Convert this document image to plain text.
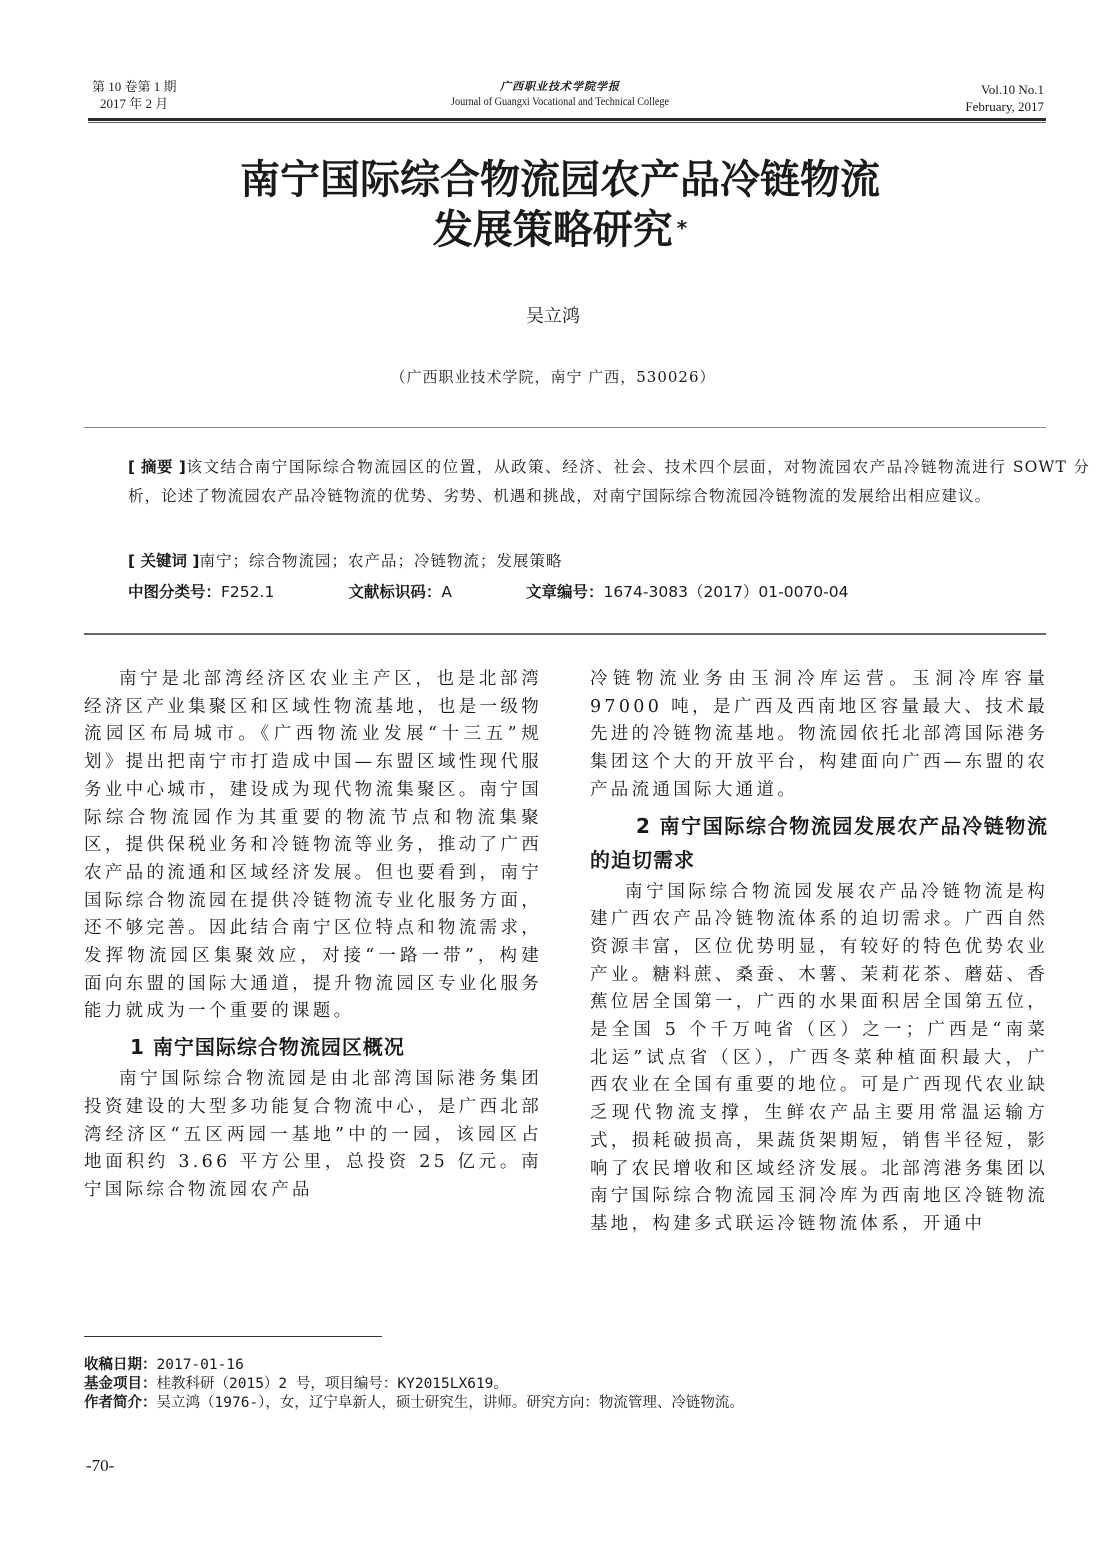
第 10 卷第 1 期
2017 年 2 月
广西职业技术学院学报
Journal of Guangxi Vocational and Technical College
Vol.10 No.1
February, 2017
南宁国际综合物流园农产品冷链物流
发展策略研究 *
吴立鸿
（广西职业技术学院，南宁 广西，530026）
[ 摘要 ]该文结合南宁国际综合物流园区的位置，从政策、经济、社会、技术四个层面，对物流园农产品冷链物流进行 SOWT 分析，论述了物流园农产品冷链物流的优势、劣势、机遇和挑战，对南宁国际综合物流园冷链物流的发展给出相应建议。
[ 关键词 ]南宁；综合物流园；农产品；冷链物流；发展策略
中图分类号：F252.1	文献标识码：A	文章编号：1674-3083（2017）01-0070-04

南宁是北部湾经济区农业主产区，也是北部湾经济区产业集聚区和区域性物流基地，也是一级物流园区布局城市。《广西物流业发展“十三五”规划》提出把南宁市打造成中国—东盟区域性现代服务业中心城市，建设成为现代物流集聚区。南宁国际综合物流园作为其重要的物流节点和物流集聚区，提供保税业务和冷链物流等业务，推动了广西农产品的流通和区域经济发展。但也要看到，南宁国际综合物流园在提供冷链物流专业化服务方面，还不够完善。因此结合南宁区位特点和物流需求，发挥物流园区集聚效应，对接“一路一带”，构建面向东盟的国际大通道，提升物流园区专业化服务能力就成为一个重要的课题。

1 南宁国际综合物流园区概况

南宁国际综合物流园是由北部湾国际港务集团投资建设的大型多功能复合物流中心，是广西北部湾经济区“五区两园一基地”中的一园，该园区占地面积约 3.66 平方公里，总投资 25 亿元。南宁国际综合物流园农产品

冷链物流业务由玉洞冷库运营。玉洞冷库容量 97000 吨，是广西及西南地区容量最大、技术最先进的冷链物流基地。物流园依托北部湾国际港务集团这个大的开放平台，构建面向广西—东盟的农产品流通国际大通道。

2 南宁国际综合物流园发展农产品冷链物流的迫切需求

南宁国际综合物流园发展农产品冷链物流是构建广西农产品冷链物流体系的迫切需求。广西自然资源丰富，区位优势明显，有较好的特色优势农业产业。糖料蔗、桑蚕、木薯、茉莉花茶、蘑菇、香蕉位居全国第一，广西的水果面积居全国第五位，是全国 5 个千万吨省（区）之一；广西是“南菜北运”试点省（区），广西冬菜种植面积最大，广西农业在全国有重要的地位。可是广西现代农业缺乏现代物流支撑，生鲜农产品主要用常温运输方式，损耗破损高，果蔬货架期短，销售半径短，影响了农民增收和区域经济发展。北部湾港务集团以南宁国际综合物流园玉洞冷库为西南地区冷链物流基地，构建多式联运冷链物流体系，开通中

收稿日期：2017-01-16
基金项目：桂教科研（2015）2 号，项目编号：KY2015LX619。
作者简介：吴立鸿（1976-），女，辽宁阜新人，硕士研究生，讲师。研究方向：物流管理、冷链物流。
-70-
